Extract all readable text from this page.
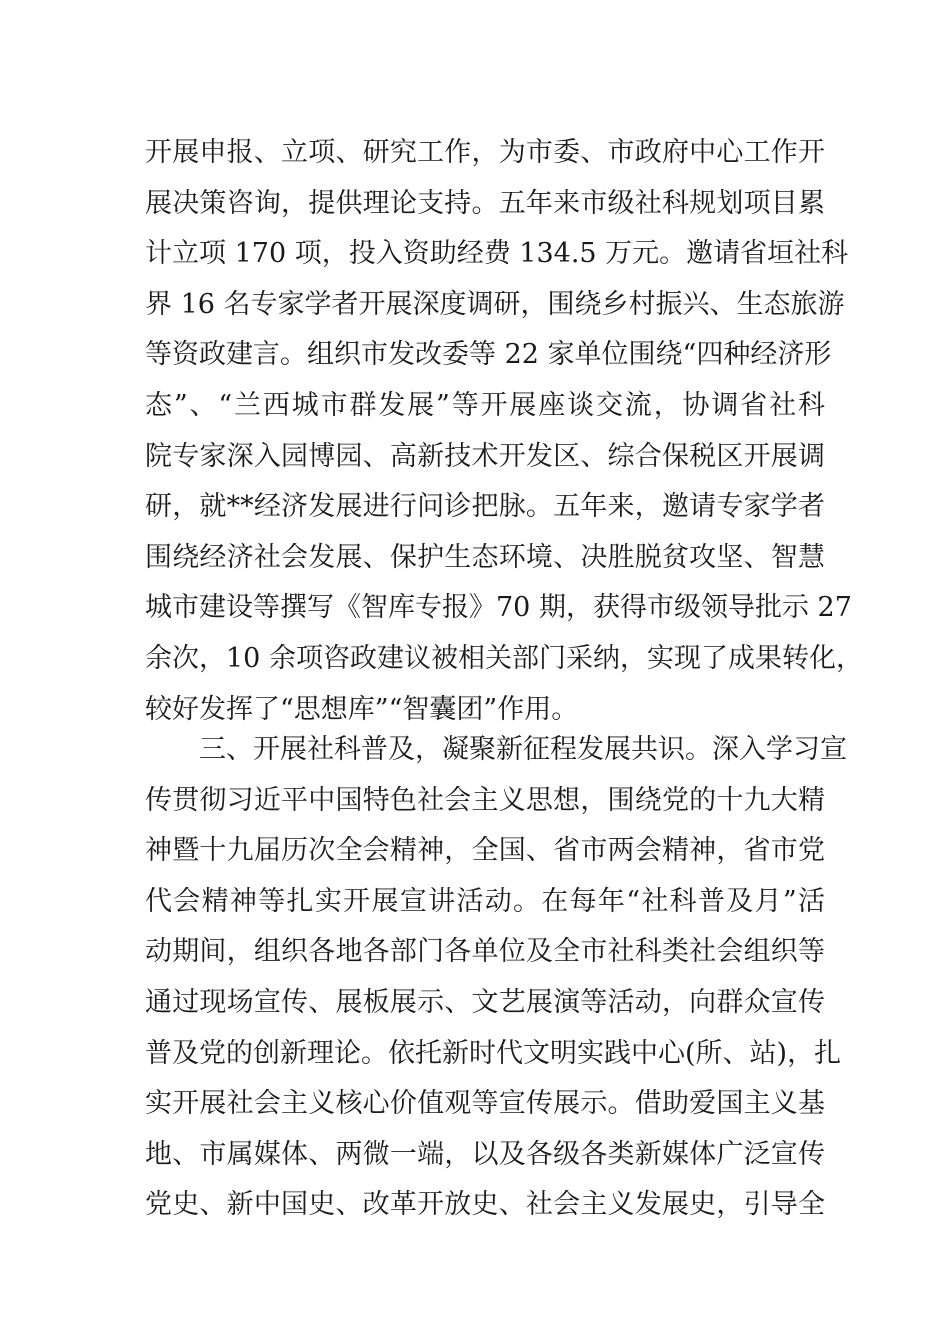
开展申报、立项、研究工作，为市委、市政府中心工作开
展决策咨询，提供理论支持。五年来市级社科规划项目累
计立项 170 项，投入资助经费 134.5 万元。邀请省垣社科
界 16 名专家学者开展深度调研，围绕乡村振兴、生态旅游
等资政建言。组织市发改委等 22 家单位围绕“四种经济形
态”、“兰西城市群发展”等开展座谈交流，协调省社科
院专家深入园博园、高新技术开发区、综合保税区开展调
研，就**经济发展进行问诊把脉。五年来，邀请专家学者
围绕经济社会发展、保护生态环境、决胜脱贫攻坚、智慧
城市建设等撰写《智库专报》70 期，获得市级领导批示 27
余次，10 余项咨政建议被相关部门采纳，实现了成果转化，
较好发挥了“思想库”“智囊团”作用。
三、开展社科普及，凝聚新征程发展共识。深入学习宣
传贯彻习近平中国特色社会主义思想，围绕党的十九大精
神暨十九届历次全会精神，全国、省市两会精神，省市党
代会精神等扎实开展宣讲活动。在每年“社科普及月”活
动期间，组织各地各部门各单位及全市社科类社会组织等
通过现场宣传、展板展示、文艺展演等活动，向群众宣传
普及党的创新理论。依托新时代文明实践中心(所、站)，扎
实开展社会主义核心价值观等宣传展示。借助爱国主义基
地、市属媒体、两微一端，以及各级各类新媒体广泛宣传
党史、新中国史、改革开放史、社会主义发展史，引导全
